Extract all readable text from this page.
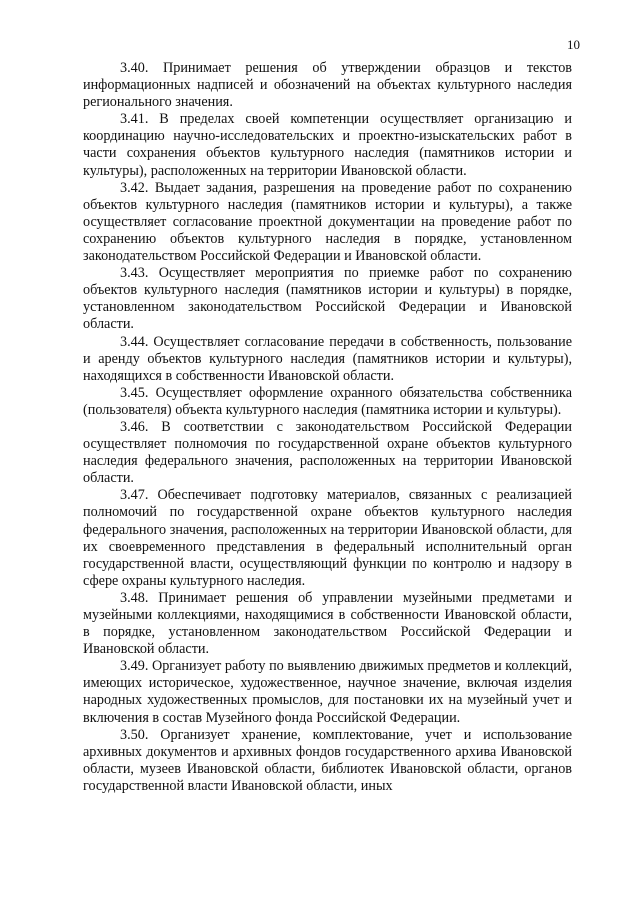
10

3.40. Принимает решения об утверждении образцов и текстов информационных надписей и обозначений на объектах культурного наследия регионального значения.

3.41. В пределах своей компетенции осуществляет организацию и координацию научно-исследовательских и проектно-изыскательских работ в части сохранения объектов культурного наследия (памятников истории и культуры), расположенных на территории Ивановской области.

3.42. Выдает задания, разрешения на проведение работ по сохранению объектов культурного наследия (памятников истории и культуры), а также осуществляет согласование проектной документации на проведение работ по сохранению объектов культурного наследия в порядке, установленном законодательством Российской Федерации и Ивановской области.

3.43. Осуществляет мероприятия по приемке работ по сохранению объектов культурного наследия (памятников истории и культуры) в порядке, установленном законодательством Российской Федерации и Ивановской области.

3.44. Осуществляет согласование передачи в собственность, пользование и аренду объектов культурного наследия (памятников истории и культуры), находящихся в собственности Ивановской области.

3.45. Осуществляет оформление охранного обязательства собственника (пользователя) объекта культурного наследия (памятника истории и культуры).

3.46. В соответствии с законодательством Российской Федерации осуществляет полномочия по государственной охране объектов культурного наследия федерального значения, расположенных на территории Ивановской области.

3.47. Обеспечивает подготовку материалов, связанных с реализацией полномочий по государственной охране объектов культурного наследия федерального значения, расположенных на территории Ивановской области, для их своевременного представления в федеральный исполнительный орган государственной власти, осуществляющий функции по контролю и надзору в сфере охраны культурного наследия.

3.48. Принимает решения об управлении музейными предметами и музейными коллекциями, находящимися в собственности Ивановской области, в порядке, установленном законодательством Российской Федерации и Ивановской области.

3.49. Организует работу по выявлению движимых предметов и коллекций, имеющих историческое, художественное, научное значение, включая изделия народных художественных промыслов, для постановки их на музейный учет и включения в состав Музейного фонда Российской Федерации.

3.50. Организует хранение, комплектование, учет и использование архивных документов и архивных фондов государственного архива Ивановской области, музеев Ивановской области, библиотек Ивановской области, органов государственной власти Ивановской области, иных
